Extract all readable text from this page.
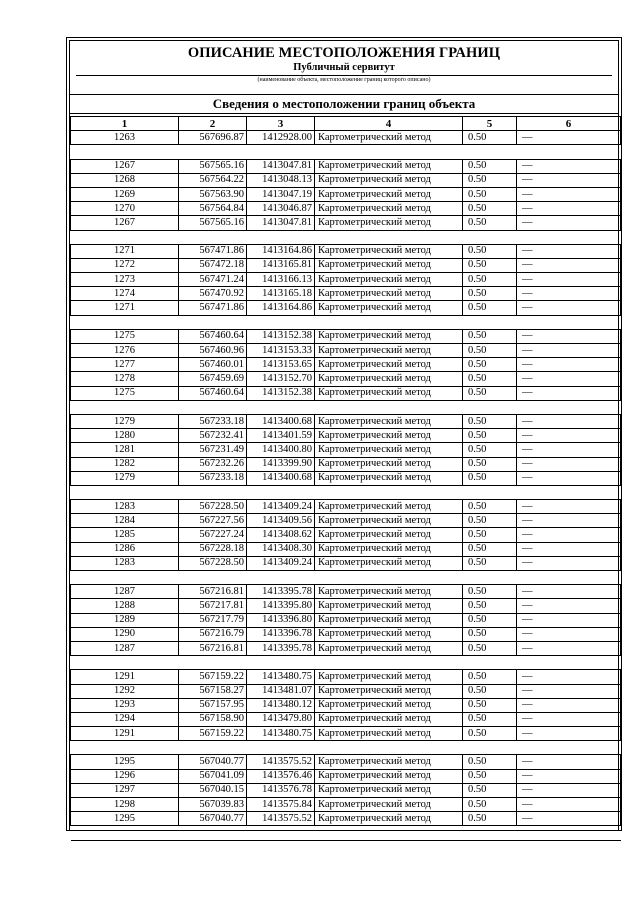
ОПИСАНИЕ МЕСТОПОЛОЖЕНИЯ ГРАНИЦ
Публичный сервитут
(наименование объекта, местоположение границ которого описано)
Сведения о местоположении границ объекта
1	2	3	4	5	6
1263	567696.87	1412928.00	Картометрический метод	0.50	—

1267	567565.16	1413047.81	Картометрический метод	0.50	—
1268	567564.22	1413048.13	Картометрический метод	0.50	—
1269	567563.90	1413047.19	Картометрический метод	0.50	—
1270	567564.84	1413046.87	Картометрический метод	0.50	—
1267	567565.16	1413047.81	Картометрический метод	0.50	—

1271	567471.86	1413164.86	Картометрический метод	0.50	—
1272	567472.18	1413165.81	Картометрический метод	0.50	—
1273	567471.24	1413166.13	Картометрический метод	0.50	—
1274	567470.92	1413165.18	Картометрический метод	0.50	—
1271	567471.86	1413164.86	Картометрический метод	0.50	—

1275	567460.64	1413152.38	Картометрический метод	0.50	—
1276	567460.96	1413153.33	Картометрический метод	0.50	—
1277	567460.01	1413153.65	Картометрический метод	0.50	—
1278	567459.69	1413152.70	Картометрический метод	0.50	—
1275	567460.64	1413152.38	Картометрический метод	0.50	—

1279	567233.18	1413400.68	Картометрический метод	0.50	—
1280	567232.41	1413401.59	Картометрический метод	0.50	—
1281	567231.49	1413400.80	Картометрический метод	0.50	—
1282	567232.26	1413399.90	Картометрический метод	0.50	—
1279	567233.18	1413400.68	Картометрический метод	0.50	—

1283	567228.50	1413409.24	Картометрический метод	0.50	—
1284	567227.56	1413409.56	Картометрический метод	0.50	—
1285	567227.24	1413408.62	Картометрический метод	0.50	—
1286	567228.18	1413408.30	Картометрический метод	0.50	—
1283	567228.50	1413409.24	Картометрический метод	0.50	—

1287	567216.81	1413395.78	Картометрический метод	0.50	—
1288	567217.81	1413395.80	Картометрический метод	0.50	—
1289	567217.79	1413396.80	Картометрический метод	0.50	—
1290	567216.79	1413396.78	Картометрический метод	0.50	—
1287	567216.81	1413395.78	Картометрический метод	0.50	—

1291	567159.22	1413480.75	Картометрический метод	0.50	—
1292	567158.27	1413481.07	Картометрический метод	0.50	—
1293	567157.95	1413480.12	Картометрический метод	0.50	—
1294	567158.90	1413479.80	Картометрический метод	0.50	—
1291	567159.22	1413480.75	Картометрический метод	0.50	—

1295	567040.77	1413575.52	Картометрический метод	0.50	—
1296	567041.09	1413576.46	Картометрический метод	0.50	—
1297	567040.15	1413576.78	Картометрический метод	0.50	—
1298	567039.83	1413575.84	Картометрический метод	0.50	—
1295	567040.77	1413575.52	Картометрический метод	0.50	—
